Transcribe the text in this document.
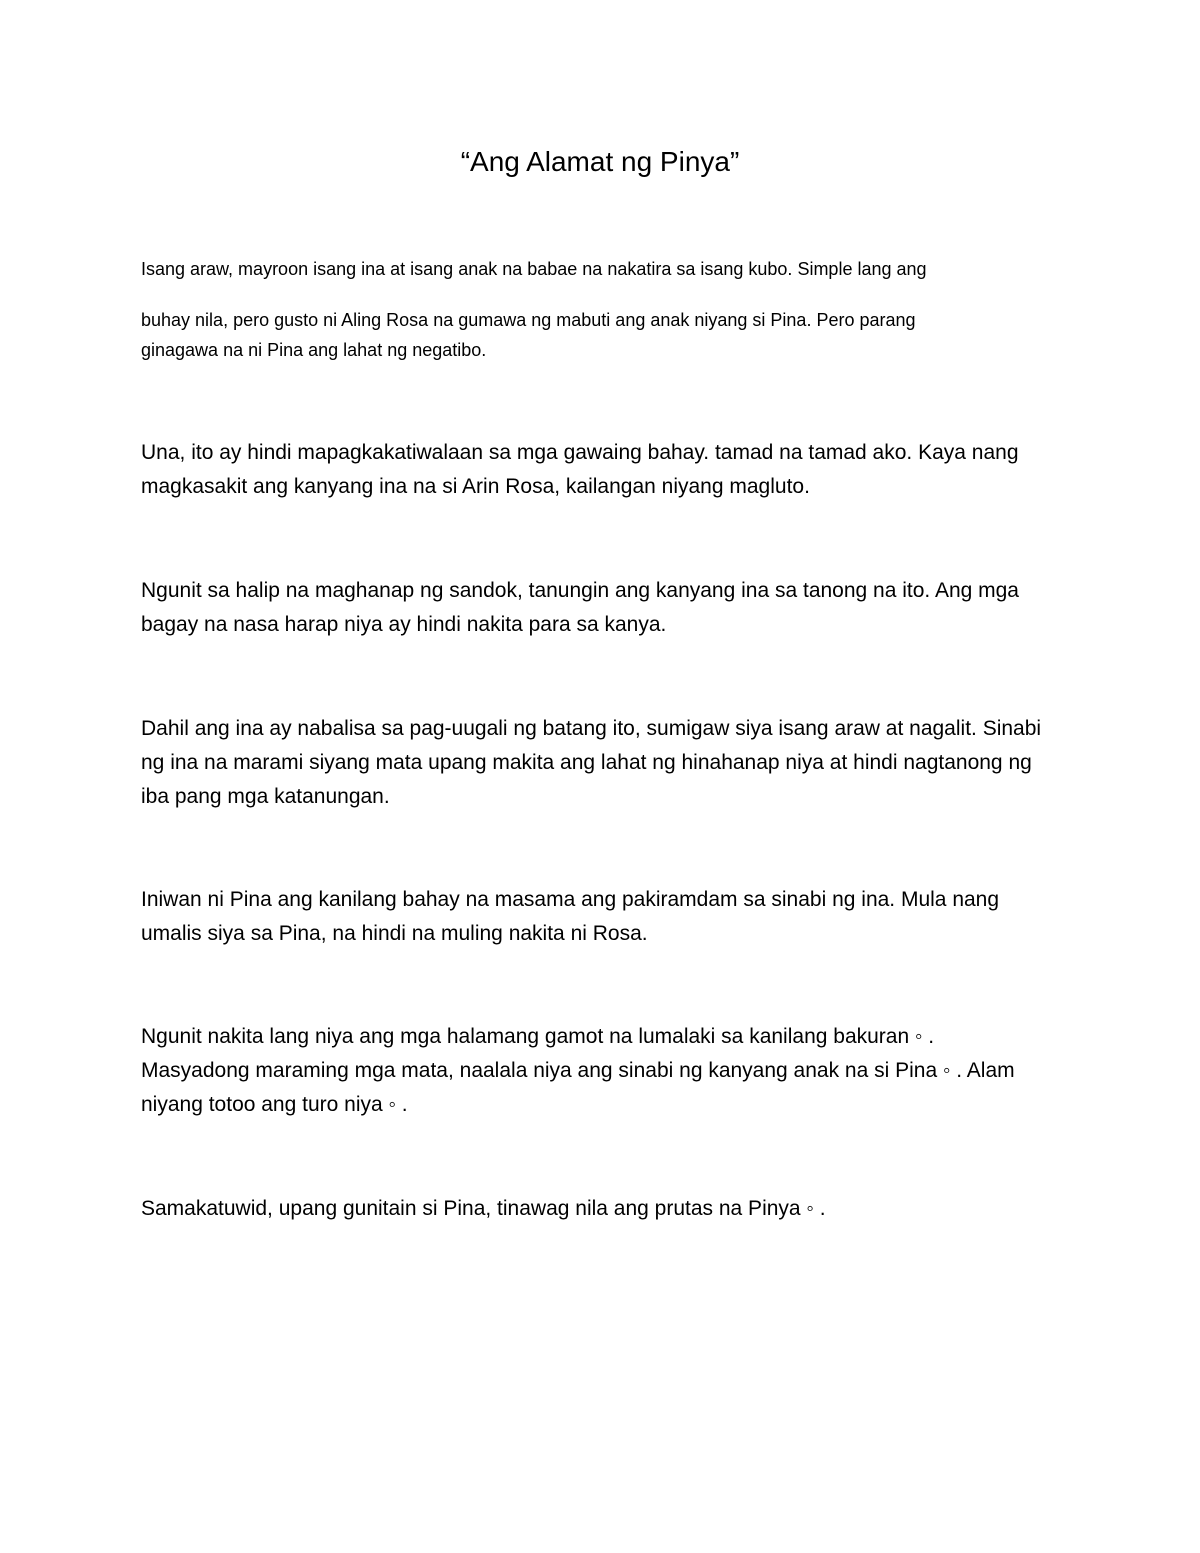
“Ang Alamat ng Pinya”
Isang araw, mayroon isang ina at isang anak na babae na nakatira sa isang kubo. Simple lang ang
buhay nila, pero gusto ni Aling Rosa na gumawa ng mabuti ang anak niyang si Pina. Pero parang
ginagawa na ni Pina ang lahat ng negatibo.
Una, ito ay hindi mapagkakatiwalaan sa mga gawaing bahay. tamad na tamad ako. Kaya nang
magkasakit ang kanyang ina na si Arin Rosa, kailangan niyang magluto.
Ngunit sa halip na maghanap ng sandok, tanungin ang kanyang ina sa tanong na ito. Ang mga
bagay na nasa harap niya ay hindi nakita para sa kanya.
Dahil ang ina ay nabalisa sa pag-uugali ng batang ito, sumigaw siya isang araw at nagalit. Sinabi
ng ina na marami siyang mata upang makita ang lahat ng hinahanap niya at hindi nagtanong ng
iba pang mga katanungan.
Iniwan ni Pina ang kanilang bahay na masama ang pakiramdam sa sinabi ng ina. Mula nang
umalis siya sa Pina, na hindi na muling nakita ni Rosa.
Ngunit nakita lang niya ang mga halamang gamot na lumalaki sa kanilang bakuran ◦ .
Masyadong maraming mga mata, naalala niya ang sinabi ng kanyang anak na si Pina ◦ . Alam
niyang totoo ang turo niya ◦ .
Samakatuwid, upang gunitain si Pina, tinawag nila ang prutas na Pinya ◦ .
